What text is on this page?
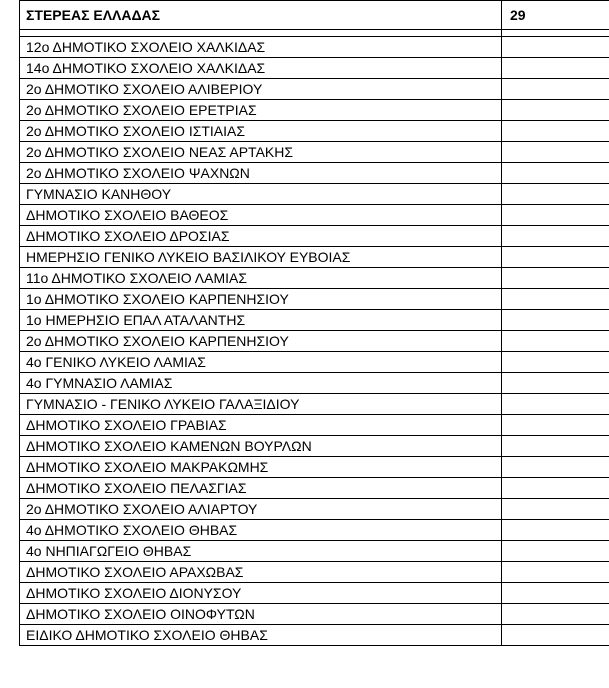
ΣΤΕΡΕΑΣ ΕΛΛΑΔΑΣ	29

12ο ΔΗΜΟΤΙΚΟ ΣΧΟΛΕΙΟ ΧΑΛΚΙΔΑΣ	
14ο ΔΗΜΟΤΙΚΟ ΣΧΟΛΕΙΟ ΧΑΛΚΙΔΑΣ	
2ο ΔΗΜΟΤΙΚΟ ΣΧΟΛΕΙΟ ΑΛΙΒΕΡΙΟΥ	
2ο ΔΗΜΟΤΙΚΟ ΣΧΟΛΕΙΟ ΕΡΕΤΡΙΑΣ	
2ο ΔΗΜΟΤΙΚΟ ΣΧΟΛΕΙΟ ΙΣΤΙΑΙΑΣ	
2ο ΔΗΜΟΤΙΚΟ ΣΧΟΛΕΙΟ ΝΕΑΣ ΑΡΤΑΚΗΣ	
2ο ΔΗΜΟΤΙΚΟ ΣΧΟΛΕΙΟ ΨΑΧΝΩΝ	
ΓΥΜΝΑΣΙΟ ΚΑΝΗΘΟΥ	
ΔΗΜΟΤΙΚΟ ΣΧΟΛΕΙΟ ΒΑΘΕΟΣ	
ΔΗΜΟΤΙΚΟ ΣΧΟΛΕΙΟ ΔΡΟΣΙΑΣ	
ΗΜΕΡΗΣΙΟ ΓΕΝΙΚΟ ΛΥΚΕΙΟ ΒΑΣΙΛΙΚΟΥ ΕΥΒΟΙΑΣ	
11ο ΔΗΜΟΤΙΚΟ ΣΧΟΛΕΙΟ ΛΑΜΙΑΣ	
1ο ΔΗΜΟΤΙΚΟ ΣΧΟΛΕΙΟ ΚΑΡΠΕΝΗΣΙΟΥ	
1ο ΗΜΕΡΗΣΙΟ ΕΠΑΛ ΑΤΑΛΑΝΤΗΣ	
2ο ΔΗΜΟΤΙΚΟ ΣΧΟΛΕΙΟ ΚΑΡΠΕΝΗΣΙΟΥ	
4ο ΓΕΝΙΚΟ ΛΥΚΕΙΟ ΛΑΜΙΑΣ	
4ο ΓΥΜΝΑΣΙΟ ΛΑΜΙΑΣ	
ΓΥΜΝΑΣΙΟ - ΓΕΝΙΚΟ ΛΥΚΕΙΟ ΓΑΛΑΞΙΔΙΟΥ	
ΔΗΜΟΤΙΚΟ ΣΧΟΛΕΙΟ ΓΡΑΒΙΑΣ	
ΔΗΜΟΤΙΚΟ ΣΧΟΛΕΙΟ ΚΑΜΕΝΩΝ ΒΟΥΡΛΩΝ	
ΔΗΜΟΤΙΚΟ ΣΧΟΛΕΙΟ ΜΑΚΡΑΚΩΜΗΣ	
ΔΗΜΟΤΙΚΟ ΣΧΟΛΕΙΟ ΠΕΛΑΣΓΙΑΣ	
2ο ΔΗΜΟΤΙΚΟ ΣΧΟΛΕΙΟ ΑΛΙΑΡΤΟΥ	
4ο ΔΗΜΟΤΙΚΟ ΣΧΟΛΕΙΟ ΘΗΒΑΣ	
4ο ΝΗΠΙΑΓΩΓΕΙΟ ΘΗΒΑΣ	
ΔΗΜΟΤΙΚΟ ΣΧΟΛΕΙΟ ΑΡΑΧΩΒΑΣ	
ΔΗΜΟΤΙΚΟ ΣΧΟΛΕΙΟ ΔΙΟΝΥΣΟΥ	
ΔΗΜΟΤΙΚΟ ΣΧΟΛΕΙΟ ΟΙΝΟΦΥΤΩΝ	
ΕΙΔΙΚΟ ΔΗΜΟΤΙΚΟ ΣΧΟΛΕΙΟ ΘΗΒΑΣ	
